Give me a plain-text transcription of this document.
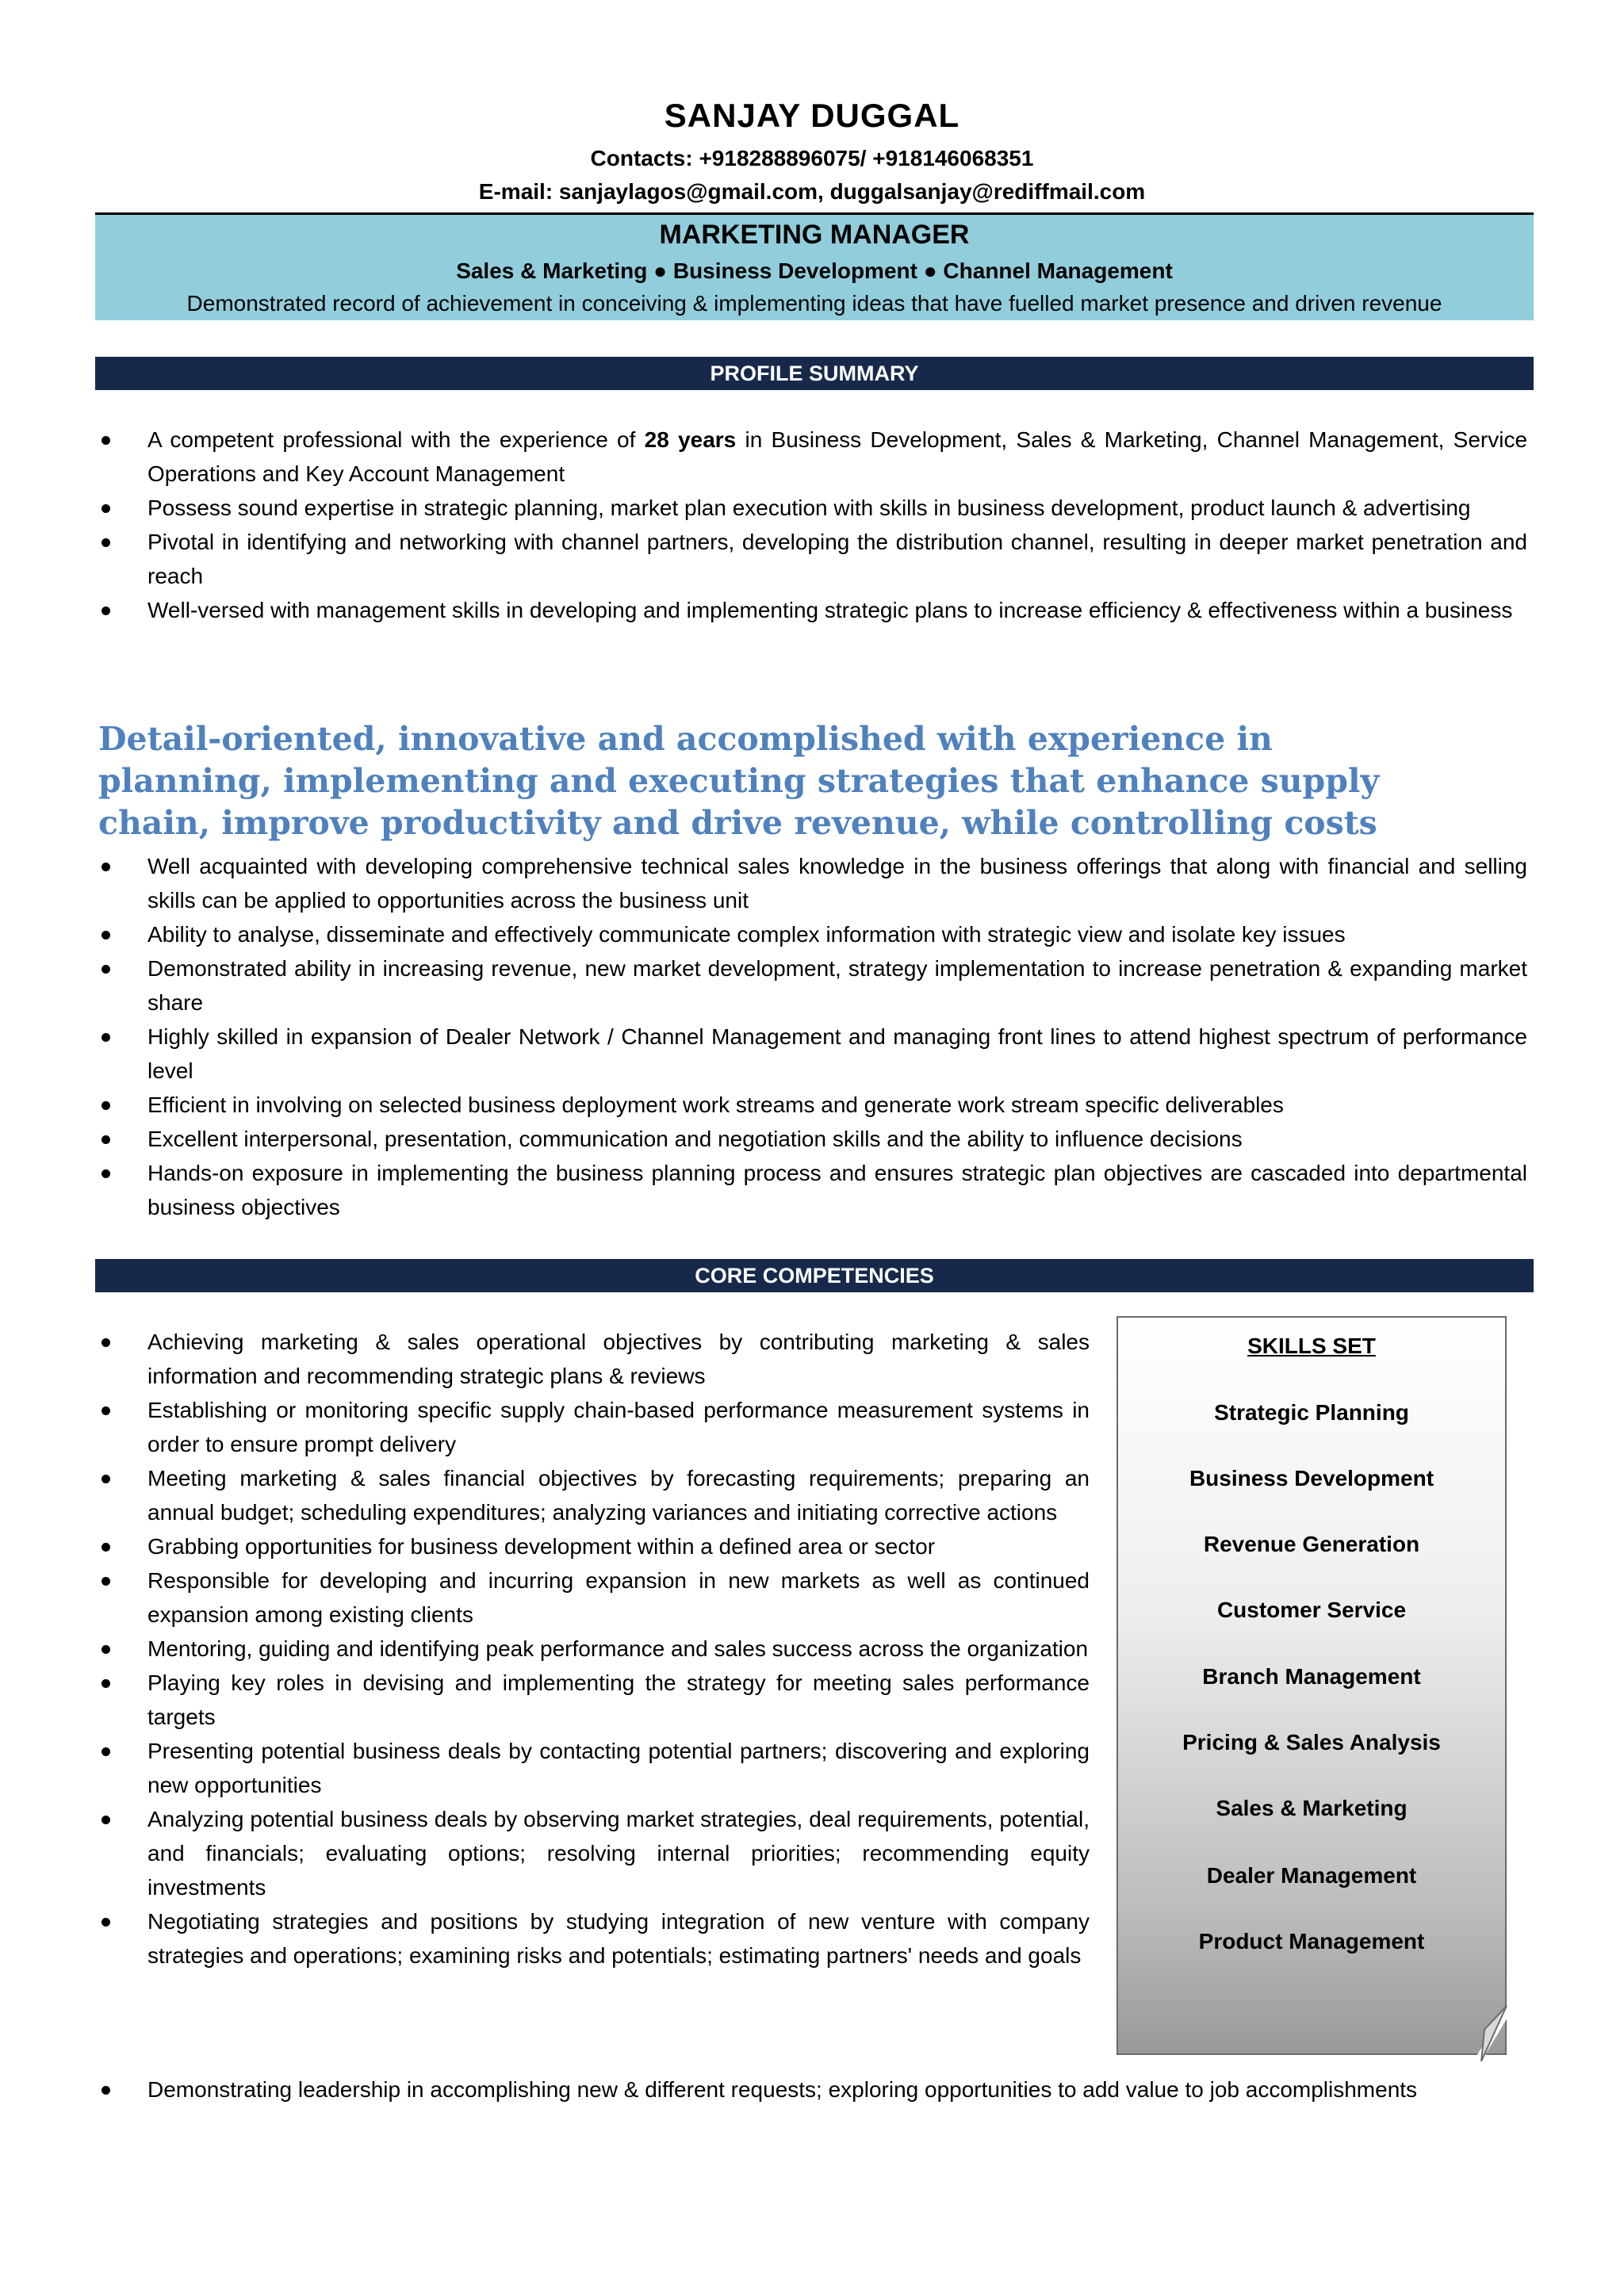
SANJAY DUGGAL
Contacts: +918288896075/ +918146068351
E-mail: sanjaylagos@gmail.com, duggalsanjay@rediffmail.com
MARKETING MANAGER
Sales & Marketing ● Business Development ● Channel Management
Demonstrated record of achievement in conceiving & implementing ideas that have fuelled market presence and driven revenue
PROFILE SUMMARY
A competent professional with the experience of 28 years in Business Development, Sales & Marketing, Channel Management, Service Operations and Key Account Management
Possess sound expertise in strategic planning, market plan execution with skills in business development, product launch & advertising
Pivotal in identifying and networking with channel partners, developing the distribution channel, resulting in deeper market penetration and reach
Well-versed with management skills in developing and implementing strategic plans to increase efficiency & effectiveness within a business
Detail-oriented, innovative and accomplished with experience in planning, implementing and executing strategies that enhance supply chain, improve productivity and drive revenue, while controlling costs
Well acquainted with developing comprehensive technical sales knowledge in the business offerings that along with financial and selling skills can be applied to opportunities across the business unit
Ability to analyse, disseminate and effectively communicate complex information with strategic view and isolate key issues
Demonstrated ability in increasing revenue, new market development, strategy implementation to increase penetration & expanding market share
Highly skilled in expansion of Dealer Network / Channel Management and managing front lines to attend highest spectrum of performance level
Efficient in involving on selected business deployment work streams and generate work stream specific deliverables
Excellent interpersonal, presentation, communication and negotiation skills and the ability to influence decisions
Hands-on exposure in implementing the business planning process and ensures strategic plan objectives are cascaded into departmental business objectives
CORE COMPETENCIES
Achieving marketing & sales operational objectives by contributing marketing & sales information and recommending strategic plans & reviews
Establishing or monitoring specific supply chain-based performance measurement systems in order to ensure prompt delivery
Meeting marketing & sales financial objectives by forecasting requirements; preparing an annual budget; scheduling expenditures; analyzing variances and initiating corrective actions
Grabbing opportunities for business development within a defined area or sector
Responsible for developing and incurring expansion in new markets as well as continued expansion among existing clients
Mentoring, guiding and identifying peak performance and sales success across the organization
Playing key roles in devising and implementing the strategy for meeting sales performance targets
Presenting potential business deals by contacting potential partners; discovering and exploring new opportunities
Analyzing potential business deals by observing market strategies, deal requirements, potential, and financials; evaluating options; resolving internal priorities; recommending equity investments
Negotiating strategies and positions by studying integration of new venture with company strategies and operations; examining risks and potentials; estimating partners' needs and goals
Demonstrating leadership in accomplishing new & different requests; exploring opportunities to add value to job accomplishments
SKILLS SET
Strategic Planning
Business Development
Revenue Generation
Customer Service
Branch Management
Pricing & Sales Analysis
Sales & Marketing
Dealer Management
Product Management
